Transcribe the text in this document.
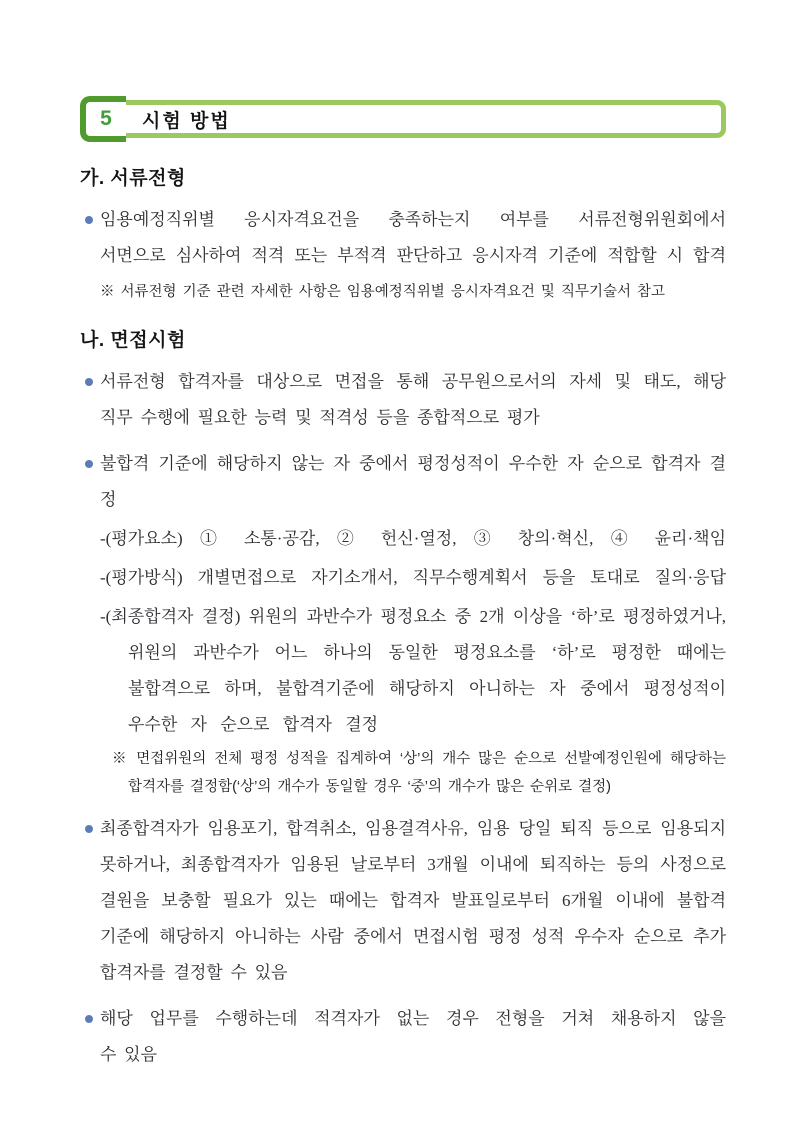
5 시험 방법
가. 서류전형
임용예정직위별 응시자격요건을 충족하는지 여부를 서류전형위원회에서
서면으로 심사하여 적격 또는 부적격 판단하고 응시자격 기준에 적합할 시 합격
※ 서류전형 기준 관련 자세한 사항은 임용예정직위별 응시자격요건 및 직무기술서 참고
나. 면접시험
서류전형 합격자를 대상으로 면접을 통해 공무원으로서의 자세 및 태도, 해당
직무 수행에 필요한 능력 및 적격성 등을 종합적으로 평가
불합격 기준에 해당하지 않는 자 중에서 평정성적이 우수한 자 순으로 합격자 결정
-(평가요소) ① 소통·공감, ② 헌신·열정, ③ 창의·혁신, ④ 윤리·책임
-(평가방식) 개별면접으로 자기소개서, 직무수행계획서 등을 토대로 질의·응답
-(최종합격자 결정) 위원의 과반수가 평정요소 중 2개 이상을 ‘하’로 평정하였거나,
위원의 과반수가 어느 하나의 동일한 평정요소를 ‘하’로 평정한 때에는
불합격으로 하며, 불합격기준에 해당하지 아니하는 자 중에서 평정성적이
우수한 자 순으로 합격자 결정
※ 면접위원의 전체 평정 성적을 집계하여 ‘상’의 개수 많은 순으로 선발예정인원에 해당하는
합격자를 결정함(‘상’의 개수가 동일할 경우 ‘중’의 개수가 많은 순위로 결정)
최종합격자가 임용포기, 합격취소, 임용결격사유, 임용 당일 퇴직 등으로 임용되지
못하거나, 최종합격자가 임용된 날로부터 3개월 이내에 퇴직하는 등의 사정으로
결원을 보충할 필요가 있는 때에는 합격자 발표일로부터 6개월 이내에 불합격
기준에 해당하지 아니하는 사람 중에서 면접시험 평정 성적 우수자 순으로 추가
합격자를 결정할 수 있음
해당 업무를 수행하는데 적격자가 없는 경우 전형을 거쳐 채용하지 않을
수 있음
